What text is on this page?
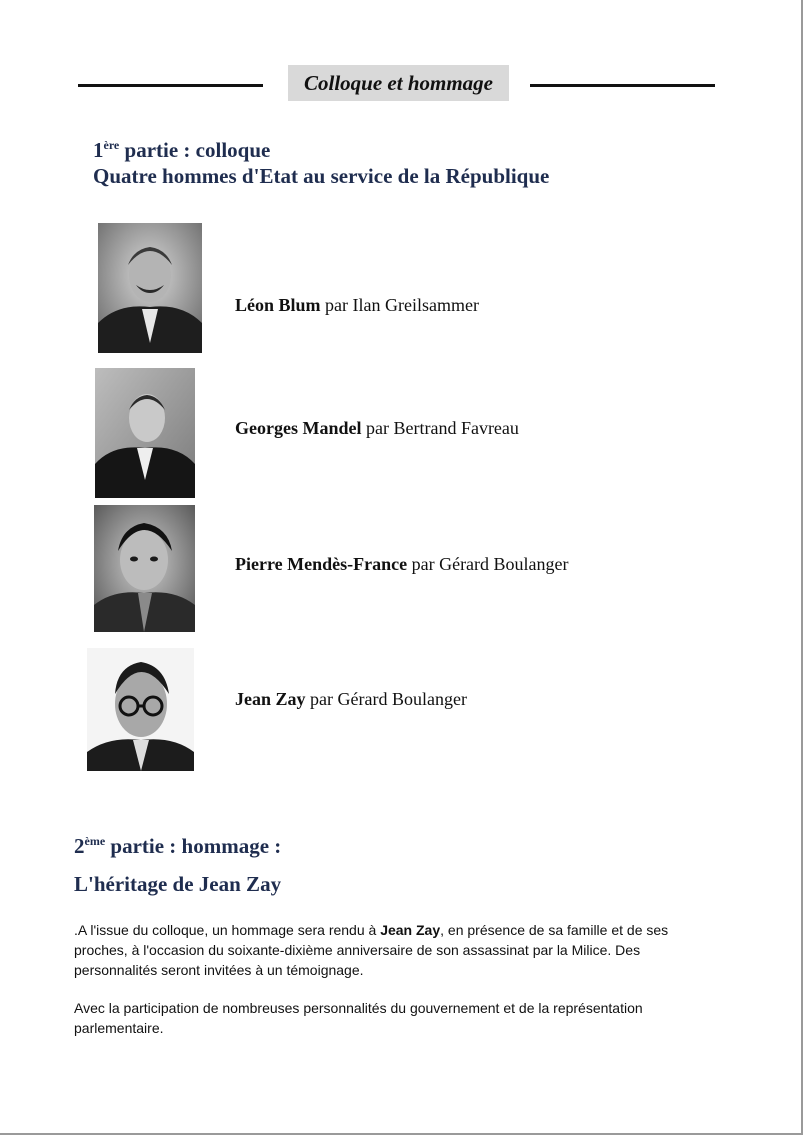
Colloque et hommage
1ère partie : colloque
Quatre hommes d'Etat au service de la République
Léon Blum par Ilan Greilsammer
Georges Mandel par Bertrand Favreau
Pierre Mendès-France par Gérard Boulanger
Jean Zay par Gérard Boulanger
2ème partie : hommage :
L'héritage de Jean Zay
.A l'issue du colloque, un hommage sera rendu à Jean Zay, en présence de sa famille et de ses proches, à l'occasion du soixante-dixième anniversaire de son assassinat par la Milice. Des personnalités seront invitées à un témoignage.
Avec la participation de nombreuses personnalités du gouvernement et de la représentation parlementaire.
